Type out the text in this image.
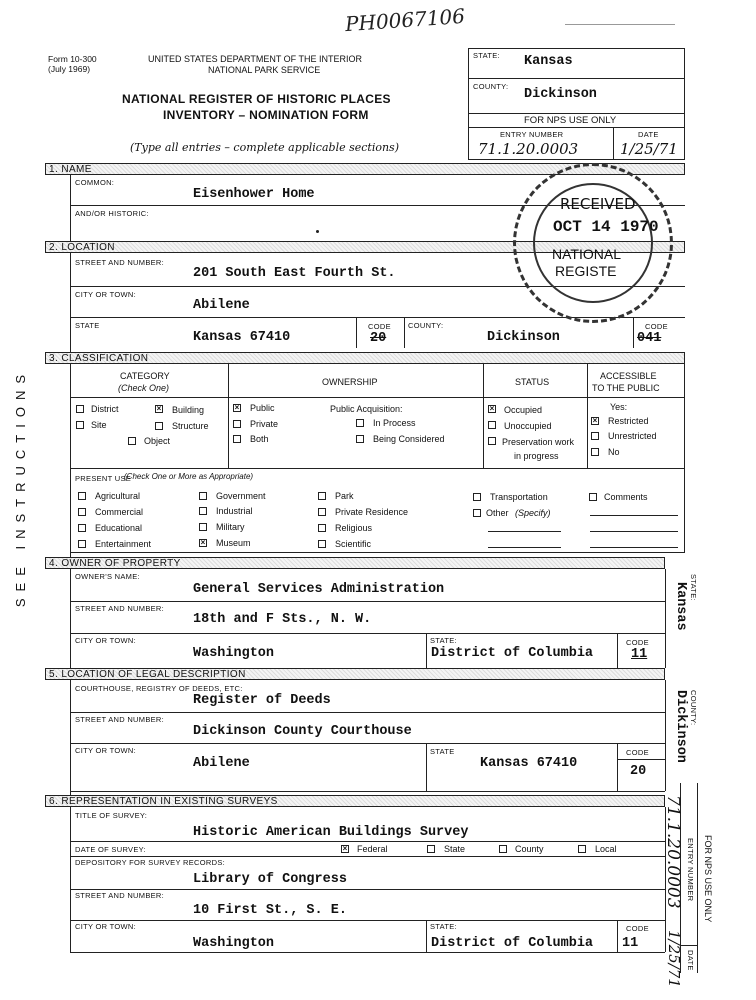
PH0067106
Form 10-300
(July 1969)
UNITED STATES DEPARTMENT OF THE INTERIOR
NATIONAL PARK SERVICE
NATIONAL REGISTER OF HISTORIC PLACES
INVENTORY – NOMINATION FORM
(Type all entries – complete applicable sections)
STATE: Kansas
COUNTY:
Dickinson
FOR NPS USE ONLY
ENTRY NUMBER	DATE
71.1.20.0003	1/25/71
SEE INSTRUCTIONS
1. NAME
COMMON:
Eisenhower Home
AND/OR HISTORIC:
2. LOCATION
STREET AND NUMBER:
201 South East Fourth St.
CITY OR TOWN:
Abilene
STATE
Kansas 67410
CODE
20
COUNTY:
Dickinson
CODE
041
RECEIVED
OCT 14 1970
NATIONAL
REGISTE
3. CLASSIFICATION
CATEGORY
(Check One)
OWNERSHIP	STATUS
ACCESSIBLE
TO THE PUBLIC
District	× Building
Site	Structure
Object
× Public
Private
Both
Public Acquisition:
In Process
Being Considered
× Occupied
Unoccupied
Preservation work
in progress
Yes:
× Restricted
Unrestricted
No
PRESENT USE
(Check One or More as Appropriate)
Agricultural
Commercial
Educational
Entertainment
Government
Industrial
Military
× Museum
Park
Private Residence
Religious
Scientific
Transportation
Other (Specify)
Comments
4. OWNER OF PROPERTY
OWNER'S NAME:
General Services Administration
STREET AND NUMBER:
18th and F Sts., N. W.
CITY OR TOWN:
Washington
STATE:
District of Columbia
CODE
11
STATE:
Kansas
5. LOCATION OF LEGAL DESCRIPTION
COURTHOUSE, REGISTRY OF DEEDS, ETC:
Register of Deeds
STREET AND NUMBER:
Dickinson County Courthouse
CITY OR TOWN:
Abilene
STATE
Kansas 67410
CODE
20
COUNTY:
Dickinson
6. REPRESENTATION IN EXISTING SURVEYS
TITLE OF SURVEY:
Historic American Buildings Survey
DATE OF SURVEY:	× Federal	State	County	Local
DEPOSITORY FOR SURVEY RECORDS:
Library of Congress
STREET AND NUMBER:
10 First St., S. E.
CITY OR TOWN:
Washington
STATE:
District of Columbia
CODE
11
71.1.20.0003
1/25/71
ENTRY NUMBER
DATE
FOR NPS USE ONLY
